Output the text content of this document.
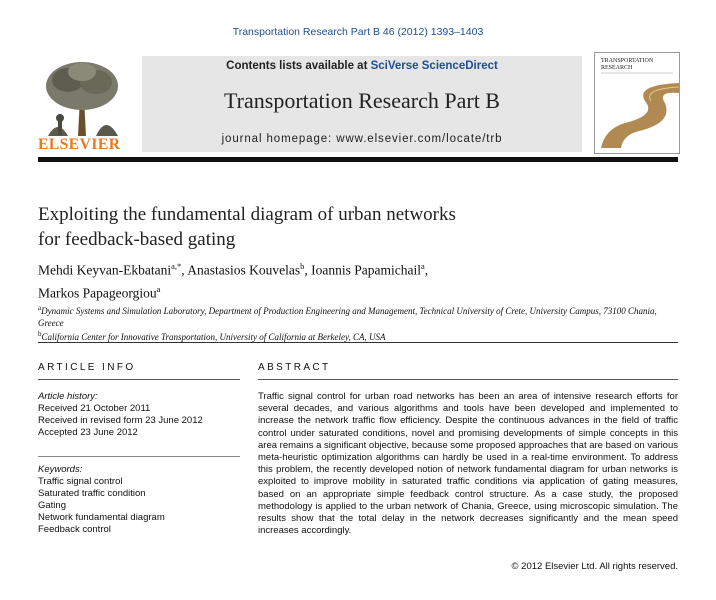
Transportation Research Part B 46 (2012) 1393–1403
ELSEVIER
Contents lists available at SciVerse ScienceDirect
Transportation Research Part B
journal homepage: www.elsevier.com/locate/trb
TRANSPORTATION
RESEARCH
Exploiting the fundamental diagram of urban networks
for feedback-based gating
Mehdi Keyvan-Ekbatani$^{a,*}$, Anastasios Kouvelas$^b$, Ioannis Papamichail$^a$,
Markos Papageorgiou$^a$
$^a$Dynamic Systems and Simulation Laboratory, Department of Production Engineering and Management, Technical University of Crete, University Campus, 73100 Chania, Greece
$^b$California Center for Innovative Transportation, University of California at Berkeley, CA, USA
ARTICLE INFO	ABSTRACT
Article history:
Received 21 October 2011
Received in revised form 23 June 2012
Accepted 23 June 2012
Keywords:
Traffic signal control
Saturated traffic condition
Gating
Network fundamental diagram
Feedback control
Traffic signal control for urban road networks has been an area of intensive research efforts for several decades, and various algorithms and tools have been developed and implemented to increase the network traffic flow efficiency. Despite the continuous advances in the field of traffic control under saturated conditions, novel and promising developments of simple concepts in this area remains a significant objective, because some proposed approaches that are based on various meta-heuristic optimization algorithms can hardly be used in a real-time environment. To address this problem, the recently developed notion of network fundamental diagram for urban networks is exploited to improve mobility in saturated traffic conditions via application of gating measures, based on an appropriate simple feedback control structure. As a case study, the proposed methodology is applied to the urban network of Chania, Greece, using microscopic simulation. The results show that the total delay in the network decreases significantly and the mean speed increases accordingly.
© 2012 Elsevier Ltd. All rights reserved.
